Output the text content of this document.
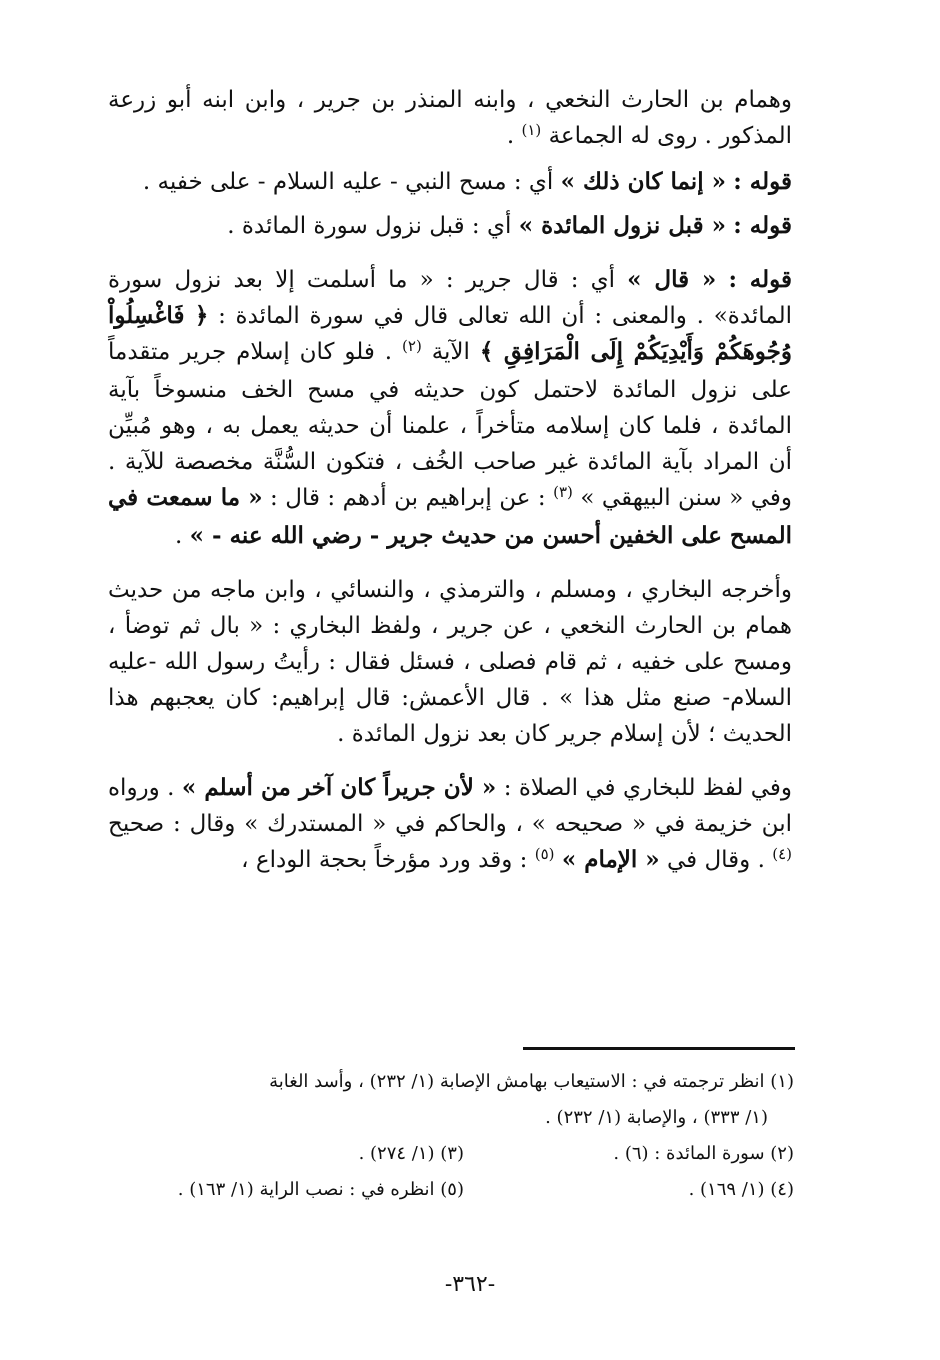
وهمام بن الحارث النخعي ، وابنه المنذر بن جرير ، وابن ابنه أبو زرعة المذكور . روى له الجماعة $^{(١)}$ .

قوله : « إنما كان ذلك » أي : مسح النبي - عليه السلام - على خفيه .

قوله : « قبل نزول المائدة » أي : قبل نزول سورة المائدة .

قوله : « قال » أي : قال جرير : « ما أسلمت إلا بعد نزول سورة المائدة» . والمعنى : أن الله تعالى قال في سورة المائدة : ﴿ فَاغْسِلُواْ وُجُوهَكُمْ وَأَيْدِيَكُمْ إِلَى الْمَرَافِقِ ﴾ الآية $^{(٢)}$ . فلو كان إسلام جرير متقدماً على نزول المائدة لاحتمل كون حديثه في مسح الخف منسوخاً بآية المائدة ، فلما كان إسلامه متأخراً ، علمنا أن حديثه يعمل به ، وهو مُبيِّن أن المراد بآية المائدة غير صاحب الخُف ، فتكون السُّنَّة مخصصة للآية . وفي « سنن البيهقي » $^{(٣)}$ : عن إبراهيم بن أدهم : قال : « ما سمعت في المسح على الخفين أحسن من حديث جرير - رضي الله عنه - » .

وأخرجه البخاري ، ومسلم ، والترمذي ، والنسائي ، وابن ماجه من حديث همام بن الحارث النخعي ، عن جرير ، ولفظ البخاري : « بال ثم توضأ ، ومسح على خفيه ، ثم قام فصلى ، فسئل فقال : رأيتُ رسول الله -عليه السلام- صنع مثل هذا » . قال الأعمش: قال إبراهيم: كان يعجبهم هذا الحديث ؛ لأن إسلام جرير كان بعد نزول المائدة .

وفي لفظ للبخاري في الصلاة : « لأن جريراً كان آخر من أسلم » . ورواه ابن خزيمة في « صحيحه » ، والحاكم في « المستدرك » وقال : صحيح $^{(٤)}$ . وقال في « الإمام » $^{(٥)}$ : وقد ورد مؤرخاً بحجة الوداع ،

(١) انظر ترجمته في : الاستيعاب بهامش الإصابة (١/ ٢٣٢) ، وأسد الغابة

(١/ ٣٣٣) ، والإصابة (١/ ٢٣٢) .

(٢) سورة المائدة : (٦) .
(٣) (١/ ٢٧٤) .
(٤) (١/ ١٦٩) .
(٥) انظره في : نصب الراية (١/ ١٦٣) .
-٣٦٢-
